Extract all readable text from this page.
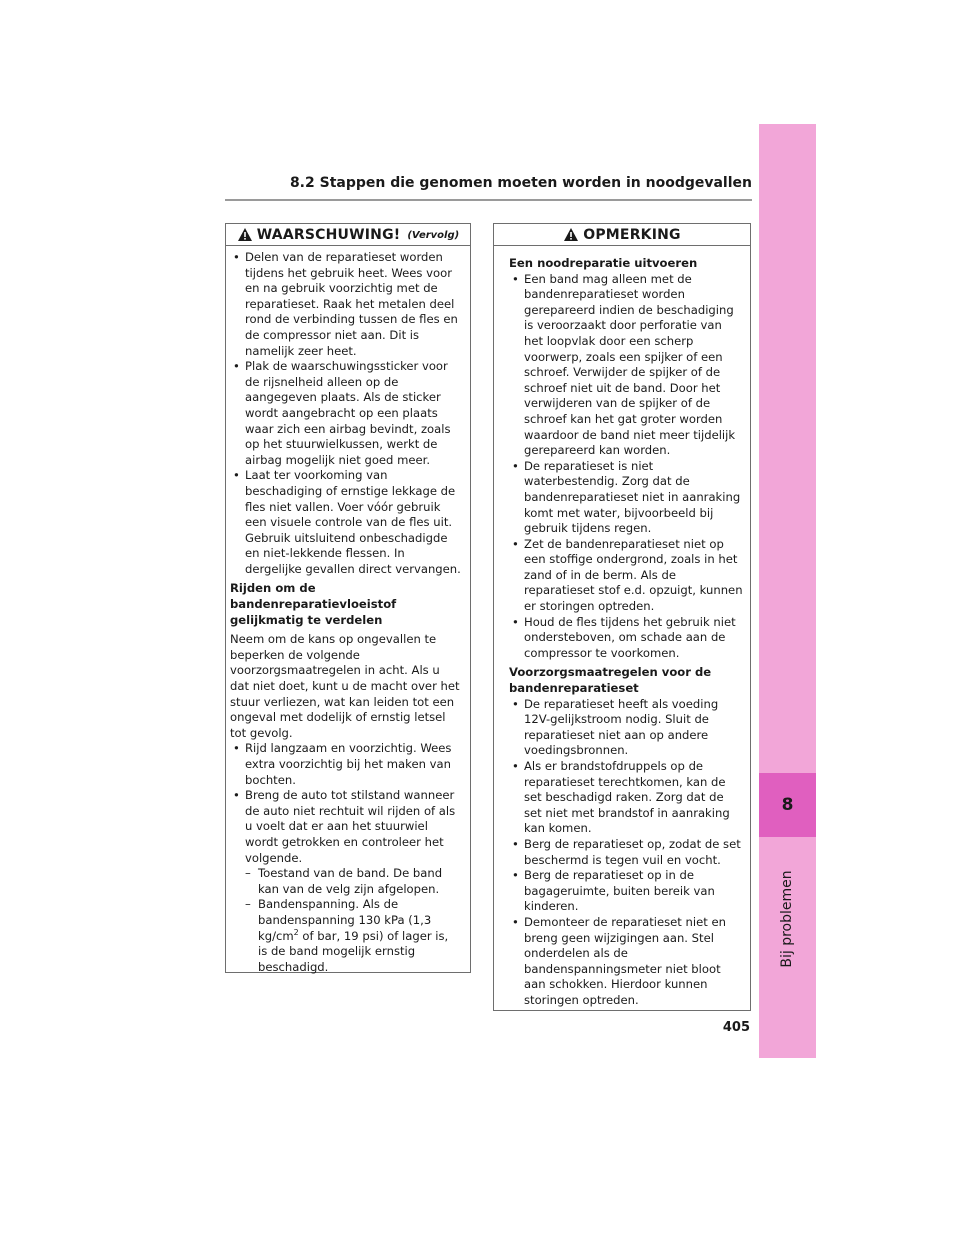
8
Bij problemen
8.2 Stappen die genomen moeten worden in noodgevallen
WAARSCHUWING! (Vervolg)

• Delen van de reparatieset worden tijdens het gebruik heet. Wees voor en na gebruik voorzichtig met de reparatieset. Raak het metalen deel rond de verbinding tussen de fles en de compressor niet aan. Dit is namelijk zeer heet.

• Plak de waarschuwingssticker voor de rijsnelheid alleen op de aangegeven plaats. Als de sticker wordt aangebracht op een plaats waar zich een airbag bevindt, zoals op het stuurwielkussen, werkt de airbag mogelijk niet goed meer.

• Laat ter voorkoming van beschadiging of ernstige lekkage de fles niet vallen. Voer vóór gebruik een visuele controle van de fles uit. Gebruik uitsluitend onbeschadigde en niet-lekkende flessen. In dergelijke gevallen direct vervangen.

Rijden om de bandenreparatievloeistof gelijkmatig te verdelen

Neem om de kans op ongevallen te beperken de volgende voorzorgsmaatregelen in acht. Als u dat niet doet, kunt u de macht over het stuur verliezen, wat kan leiden tot een ongeval met dodelijk of ernstig letsel tot gevolg.

• Rijd langzaam en voorzichtig. Wees extra voorzichtig bij het maken van bochten.

• Breng de auto tot stilstand wanneer de auto niet rechtuit wil rijden of als u voelt dat er aan het stuurwiel wordt getrokken en controleer het volgende.

– Toestand van de band. De band kan van de velg zijn afgelopen.

– Bandenspanning. Als de bandenspanning 130 kPa (1,3 $kg/cm^2$ of bar, 19 psi) of lager is, is de band mogelijk ernstig beschadigd.

OPMERKING

Een noodreparatie uitvoeren

• Een band mag alleen met de bandenreparatieset worden gerepareerd indien de beschadiging is veroorzaakt door perforatie van het loopvlak door een scherp voorwerp, zoals een spijker of een schroef. Verwijder de spijker of de schroef niet uit de band. Door het verwijderen van de spijker of de schroef kan het gat groter worden waardoor de band niet meer tijdelijk gerepareerd kan worden.

• De reparatieset is niet waterbestendig. Zorg dat de bandenreparatieset niet in aanraking komt met water, bijvoorbeeld bij gebruik tijdens regen.

• Zet de bandenreparatieset niet op een stoffige ondergrond, zoals in het zand of in de berm. Als de reparatieset stof e.d. opzuigt, kunnen er storingen optreden.

• Houd de fles tijdens het gebruik niet ondersteboven, om schade aan de compressor te voorkomen.

Voorzorgsmaatregelen voor de bandenreparatieset

• De reparatieset heeft als voeding 12V-gelijkstroom nodig. Sluit de reparatieset niet aan op andere voedingsbronnen.

• Als er brandstofdruppels op de reparatieset terechtkomen, kan de set beschadigd raken. Zorg dat de set niet met brandstof in aanraking kan komen.

• Berg de reparatieset op, zodat de set beschermd is tegen vuil en vocht.

• Berg de reparatieset op in de bagageruimte, buiten bereik van kinderen.

• Demonteer de reparatieset niet en breng geen wijzigingen aan. Stel onderdelen als de bandenspanningsmeter niet bloot aan schokken. Hierdoor kunnen storingen optreden.

405
